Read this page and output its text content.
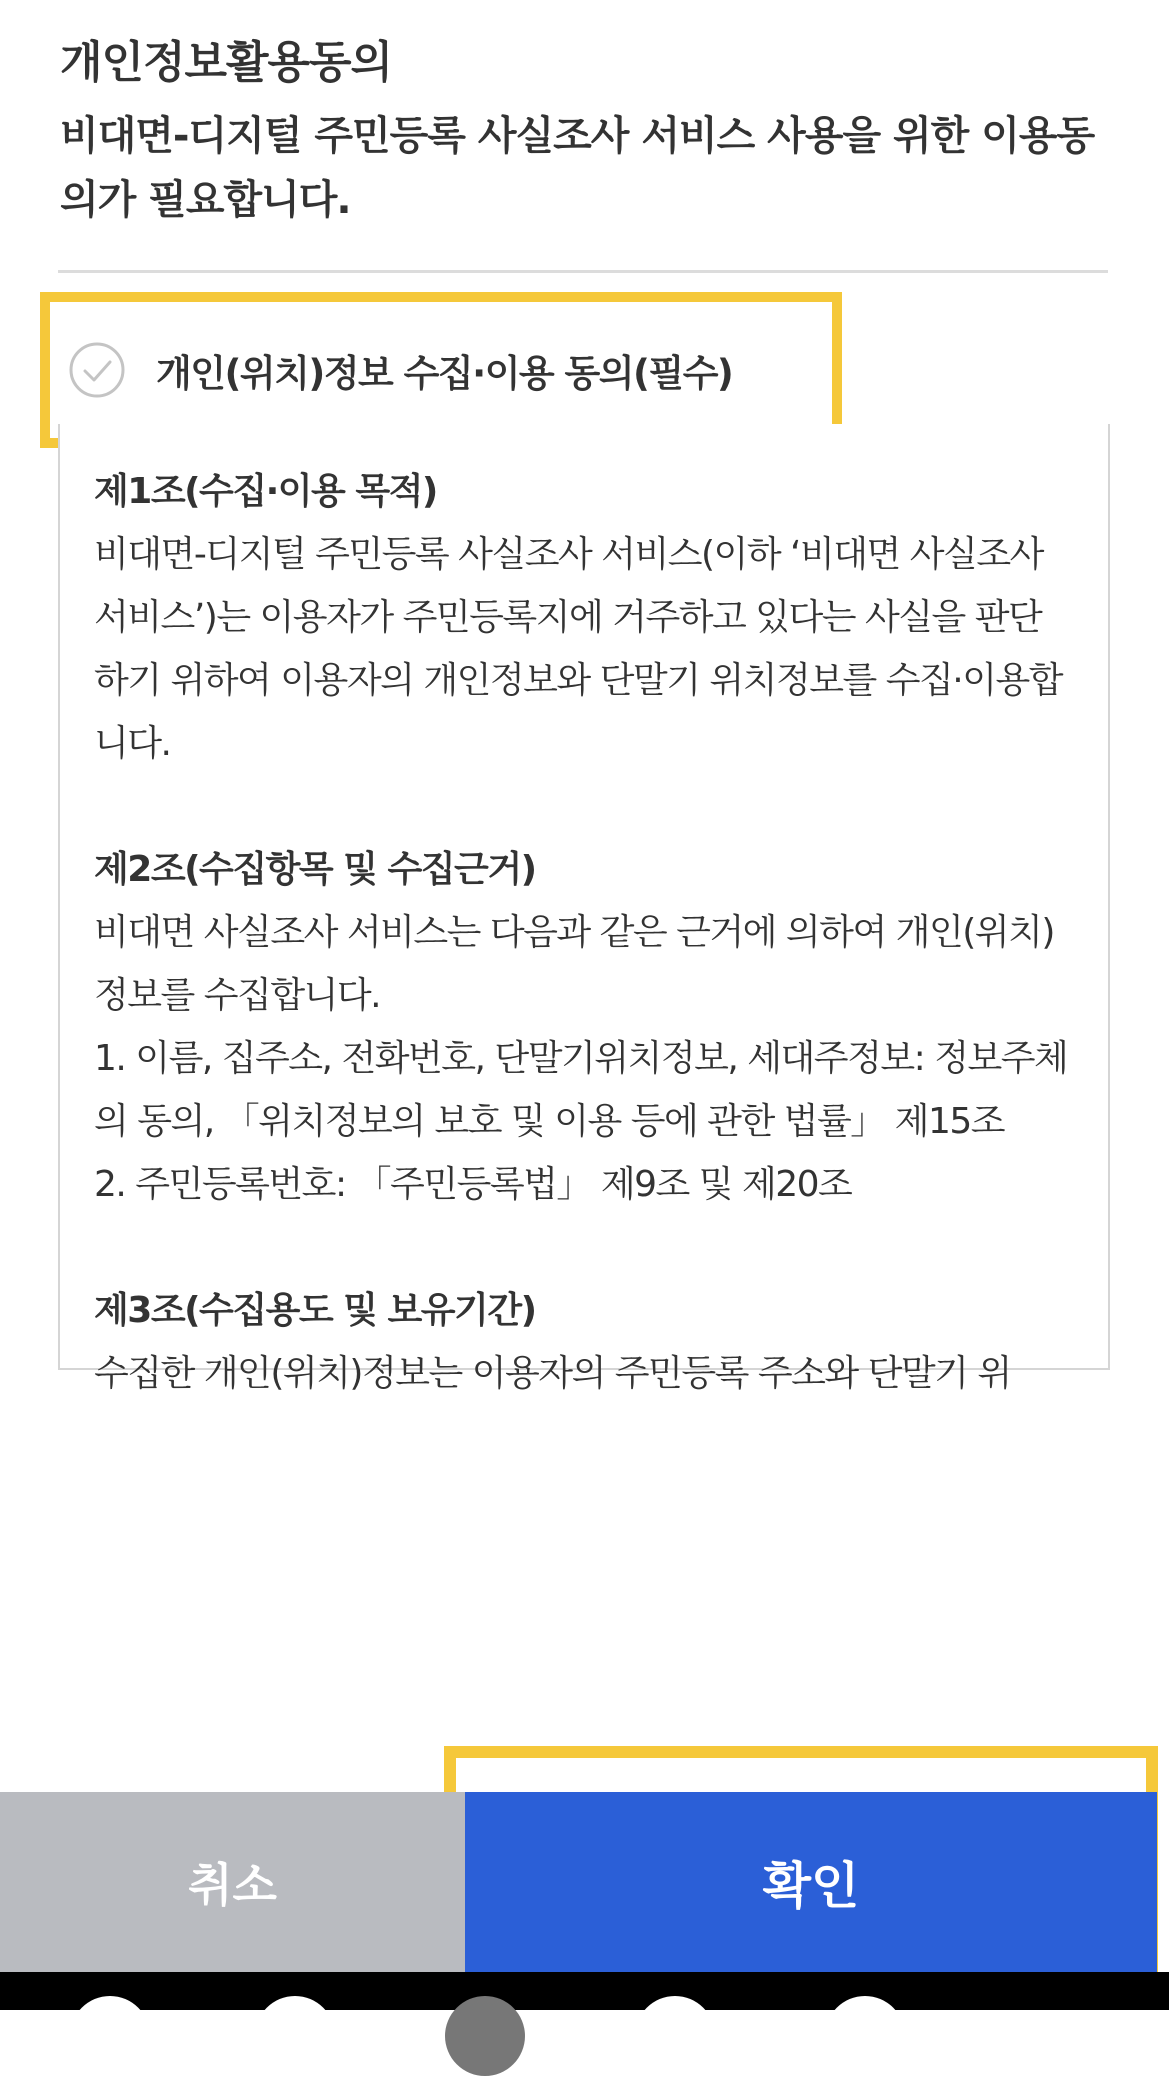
개인정보활용동의

비대면-디지털 주민등록 사실조사 서비스 사용을 위한 이용동의가 필요합니다.

개인(위치)정보 수집·이용 동의(필수)

제1조(수집·이용 목적)

비대면-디지털 주민등록 사실조사 서비스(이하 ‘비대면 사실조사 서비스’)는 이용자가 주민등록지에 거주하고 있다는 사실을 판단하기 위하여 이용자의 개인정보와 단말기 위치정보를 수집·이용합니다.

제2조(수집항목 및 수집근거)

비대면 사실조사 서비스는 다음과 같은 근거에 의하여 개인(위치)정보를 수집합니다.
1. 이름, 집주소, 전화번호, 단말기위치정보, 세대주정보: 정보주체의 동의, 「위치정보의 보호 및 이용 등에 관한 법률」 제15조
2. 주민등록번호: 「주민등록법」 제9조 및 제20조

제3조(수집용도 및 보유기간)

수집한 개인(위치)정보는 이용자의 주민등록 주소와 단말기 위

취소	확인
